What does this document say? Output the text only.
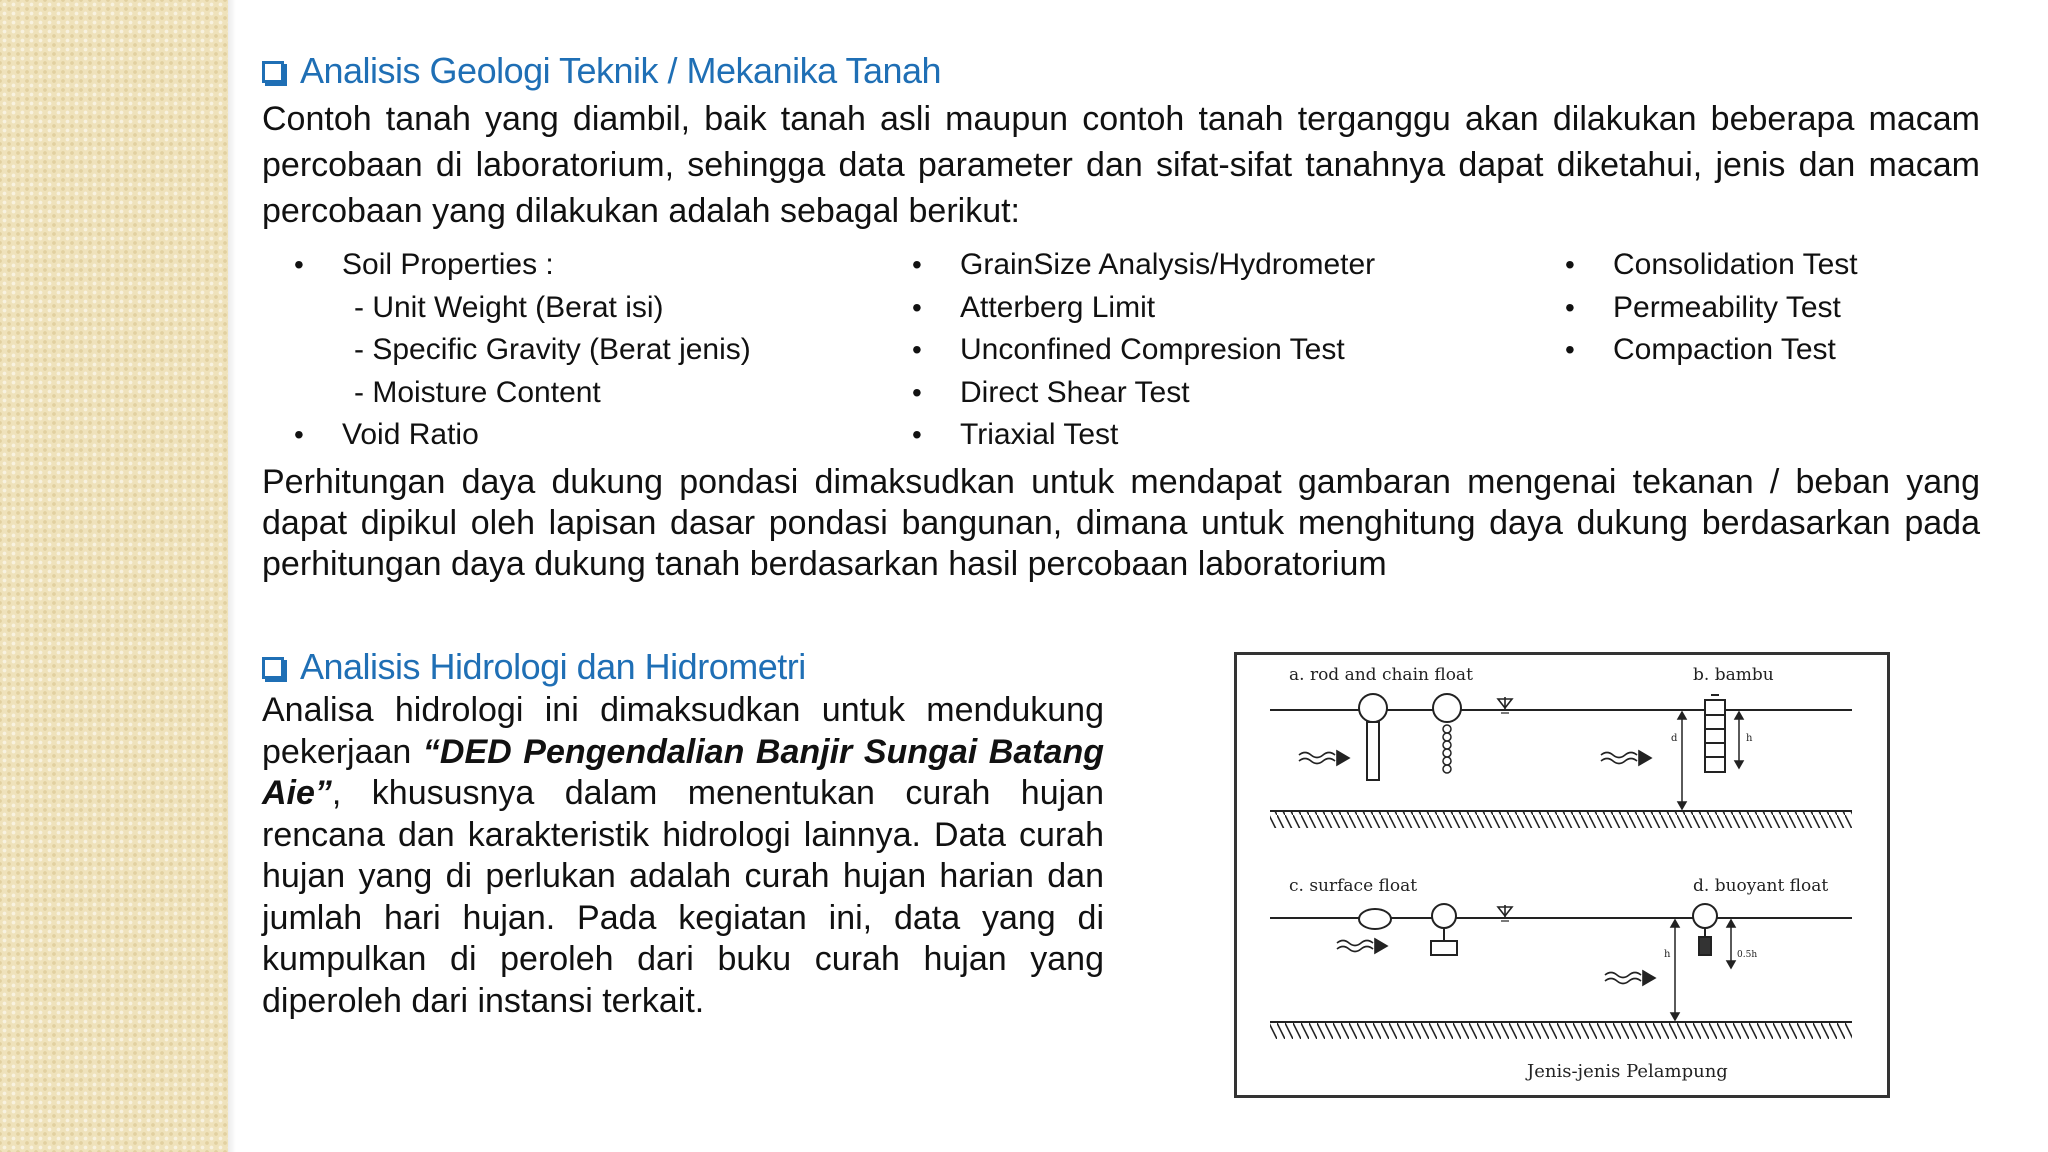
Analisis Geologi Teknik / Mekanika Tanah
Contoh tanah yang diambil, baik tanah asli maupun contoh tanah terganggu akan dilakukan beberapa macam percobaan di laboratorium, sehingga data parameter dan sifat-sifat tanahnya dapat diketahui, jenis dan macam percobaan yang dilakukan adalah sebagal berikut:
• Soil Properties :
- Unit Weight (Berat isi)
- Specific Gravity (Berat jenis)
- Moisture Content
• Void Ratio
• GrainSize Analysis/Hydrometer
• Atterberg Limit
• Unconfined Compresion Test
• Direct Shear Test
• Triaxial Test
• Consolidation Test
• Permeability Test
• Compaction Test
Perhitungan daya dukung pondasi dimaksudkan untuk mendapat gambaran mengenai tekanan / beban yang dapat dipikul oleh lapisan dasar pondasi bangunan, dimana untuk menghitung daya dukung berdasarkan pada perhitungan daya dukung tanah berdasarkan hasil percobaan laboratorium
Analisis Hidrologi dan Hidrometri
Analisa hidrologi ini dimaksudkan untuk mendukung pekerjaan “DED Pengendalian Banjir Sungai Batang Aie”, khususnya dalam menentukan curah hujan rencana dan karakteristik hidrologi lainnya. Data curah hujan yang di perlukan adalah curah hujan harian dan jumlah hari hujan. Pada kegiatan ini, data yang di kumpulkan di peroleh dari buku curah hujan yang diperoleh dari instansi terkait.
a. rod and chain float	b. bambu
d	h
c. surface float	d. buoyant float
h	0.5h
Jenis-jenis Pelampung
